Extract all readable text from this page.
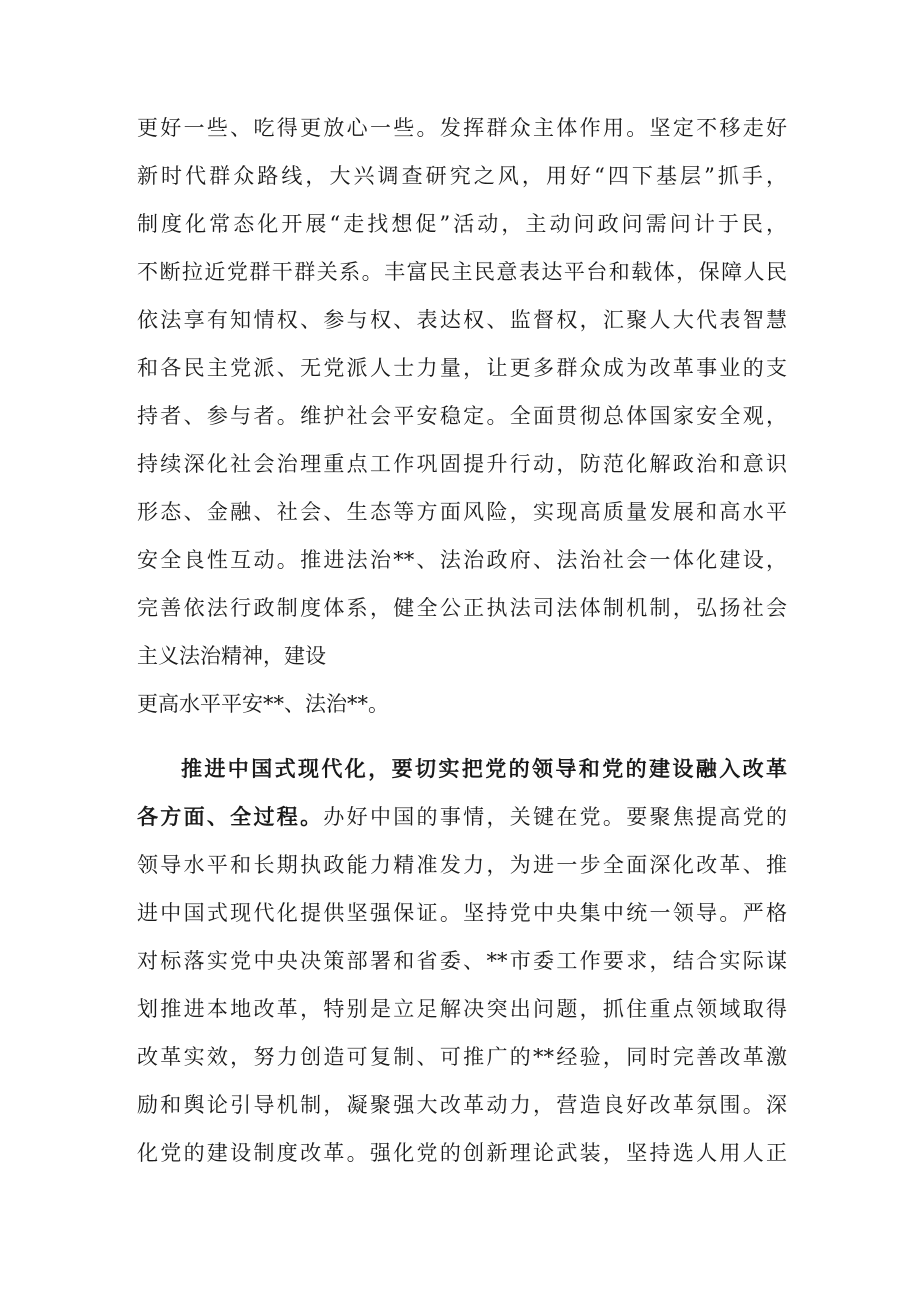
更好一些、吃得更放心一些。发挥群众主体作用。坚定不移走好
新时代群众路线，大兴调查研究之风，用好“四下基层”抓手，
制度化常态化开展“走找想促”活动，主动问政问需问计于民，
不断拉近党群干群关系。丰富民主民意表达平台和载体，保障人民
依法享有知情权、参与权、表达权、监督权，汇聚人大代表智慧
和各民主党派、无党派人士力量，让更多群众成为改革事业的支
持者、参与者。维护社会平安稳定。全面贯彻总体国家安全观，
持续深化社会治理重点工作巩固提升行动，防范化解政治和意识
形态、金融、社会、生态等方面风险，实现高质量发展和高水平
安全良性互动。推进法治**、法治政府、法治社会一体化建设，
完善依法行政制度体系，健全公正执法司法体制机制，弘扬社会
主义法治精神，建设
更高水平平安**、法治**。
推进中国式现代化，要切实把党的领导和党的建设融入改革
各方面、全过程。办好中国的事情，关键在党。要聚焦提高党的
领导水平和长期执政能力精准发力，为进一步全面深化改革、推
进中国式现代化提供坚强保证。坚持党中央集中统一领导。严格
对标落实党中央决策部署和省委、**市委工作要求，结合实际谋
划推进本地改革，特别是立足解决突出问题，抓住重点领域取得
改革实效，努力创造可复制、可推广的**经验，同时完善改革激
励和舆论引导机制，凝聚强大改革动力，营造良好改革氛围。深
化党的建设制度改革。强化党的创新理论武装，坚持选人用人正
